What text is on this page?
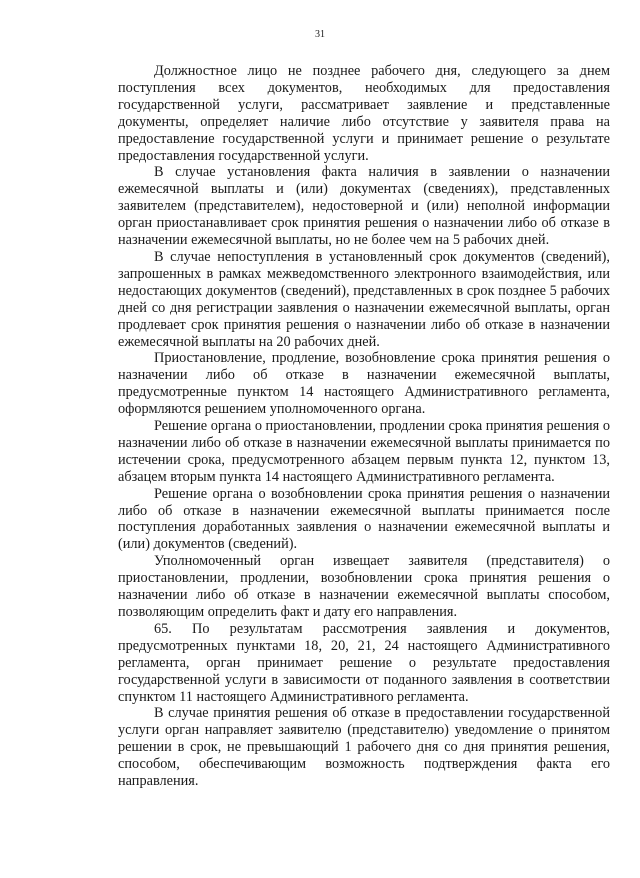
31

Должностное лицо не позднее рабочего дня, следующего за днем поступления всех документов, необходимых для предоставления государственной услуги, рассматривает заявление и представленные документы, определяет наличие либо отсутствие у заявителя права на предоставление государственной услуги и принимает решение о результате предоставления государственной услуги.

В случае установления факта наличия в заявлении о назначении ежемесячной выплаты и (или) документах (сведениях), представленных заявителем (представителем), недостоверной и (или) неполной информации орган приостанавливает срок принятия решения о назначении либо об отказе в назначении ежемесячной выплаты, но не более чем на 5 рабочих дней.

В случае непоступления в установленный срок документов (сведений), запрошенных в рамках межведомственного электронного взаимодействия, или недостающих документов (сведений), представленных в срок позднее 5 рабочих дней со дня регистрации заявления о назначении ежемесячной выплаты, орган продлевает срок принятия решения о назначении либо об отказе в назначении ежемесячной выплаты на 20 рабочих дней.

Приостановление, продление, возобновление срока принятия решения о назначении либо об отказе в назначении ежемесячной выплаты, предусмотренные пунктом 14 настоящего Административного регламента, оформляются решением уполномоченного органа.

Решение органа о приостановлении, продлении срока принятия решения о назначении либо об отказе в назначении ежемесячной выплаты принимается по истечении срока, предусмотренного абзацем первым пункта 12, пунктом 13, абзацем вторым пункта 14 настоящего Административного регламента.

Решение органа о возобновлении срока принятия решения о назначении либо об отказе в назначении ежемесячной выплаты принимается после поступления доработанных заявления о назначении ежемесячной выплаты и (или) документов (сведений).

Уполномоченный орган извещает заявителя (представителя) о приостановлении, продлении, возобновлении срока принятия решения о назначении либо об отказе в назначении ежемесячной выплаты способом, позволяющим определить факт и дату его направления.

65. По результатам рассмотрения заявления и документов, предусмотренных пунктами 18, 20, 21, 24 настоящего Административного регламента, орган принимает решение о результате предоставления государственной услуги в зависимости от поданного заявления в соответствии спунктом 11 настоящего Административного регламента.

В случае принятия решения об отказе в предоставлении государственной услуги орган направляет заявителю (представителю) уведомление о принятом решении в срок, не превышающий 1 рабочего дня со дня принятия решения, способом, обеспечивающим возможность подтверждения факта его направления.
